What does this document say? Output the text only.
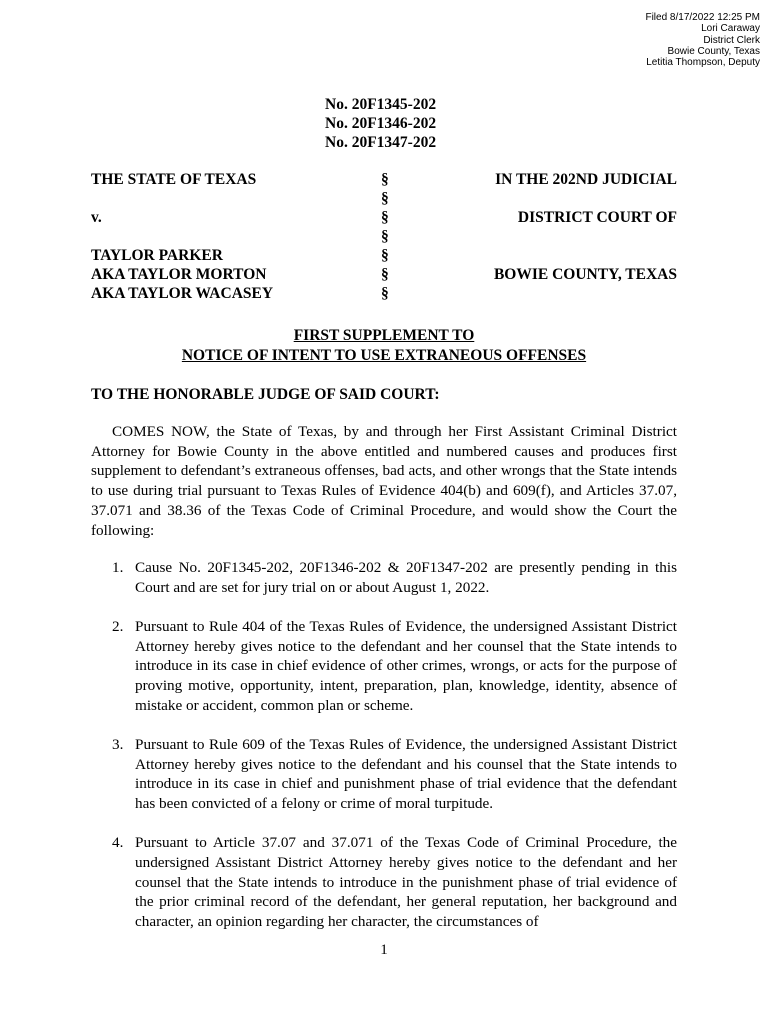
Filed 8/17/2022 12:25 PM
Lori Caraway
District Clerk
Bowie County, Texas
Letitia Thompson, Deputy
No. 20F1345-202
No. 20F1346-202
No. 20F1347-202
THE STATE OF TEXAS	§	IN THE 202ND JUDICIAL
§
v.	§	DISTRICT COURT OF
§
TAYLOR PARKER	§
AKA TAYLOR MORTON	§	BOWIE COUNTY, TEXAS
AKA TAYLOR WACASEY	§
FIRST SUPPLEMENT TO
NOTICE OF INTENT TO USE EXTRANEOUS OFFENSES
TO THE HONORABLE JUDGE OF SAID COURT:

COMES NOW, the State of Texas, by and through her First Assistant Criminal District Attorney for Bowie County in the above entitled and numbered causes and produces first supplement to defendant’s extraneous offenses, bad acts, and other wrongs that the State intends to use during trial pursuant to Texas Rules of Evidence 404(b) and 609(f), and Articles 37.07, 37.071 and 38.36 of the Texas Code of Criminal Procedure, and would show the Court the following:

1. Cause No. 20F1345-202, 20F1346-202 & 20F1347-202 are presently pending in this Court and are set for jury trial on or about August 1, 2022.
2. Pursuant to Rule 404 of the Texas Rules of Evidence, the undersigned Assistant District Attorney hereby gives notice to the defendant and her counsel that the State intends to introduce in its case in chief evidence of other crimes, wrongs, or acts for the purpose of proving motive, opportunity, intent, preparation, plan, knowledge, identity, absence of mistake or accident, common plan or scheme.
3. Pursuant to Rule 609 of the Texas Rules of Evidence, the undersigned Assistant District Attorney hereby gives notice to the defendant and his counsel that the State intends to introduce in its case in chief and punishment phase of trial evidence that the defendant has been convicted of a felony or crime of moral turpitude.
4. Pursuant to Article 37.07 and 37.071 of the Texas Code of Criminal Procedure, the undersigned Assistant District Attorney hereby gives notice to the defendant and her counsel that the State intends to introduce in the punishment phase of trial evidence of the prior criminal record of the defendant, her general reputation, her background and character, an opinion regarding her character, the circumstances of
1
